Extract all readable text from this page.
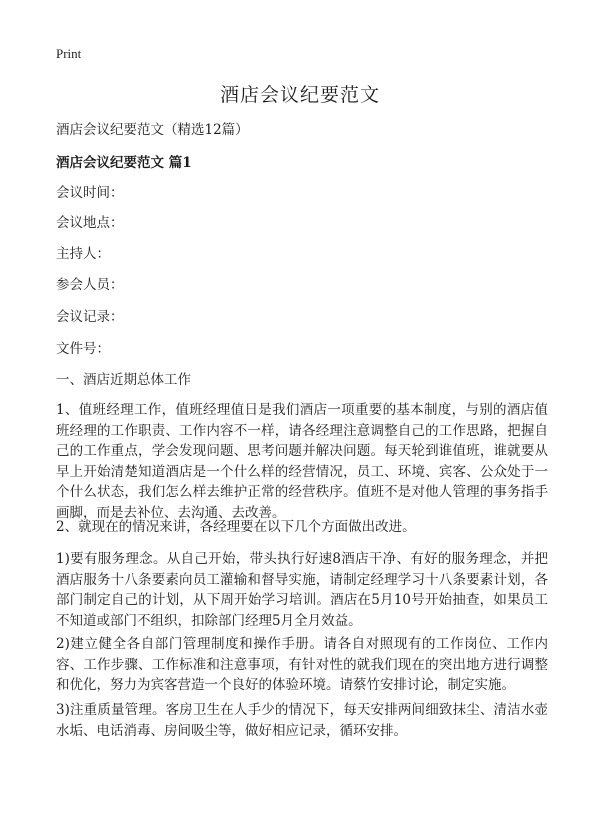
Print
酒店会议纪要范文

酒店会议纪要范文（精选12篇）

酒店会议纪要范文 篇1

会议时间：

会议地点：

主持人：

参会人员：

会议记录：

文件号：

一、酒店近期总体工作

1、值班经理工作，值班经理值日是我们酒店一项重要的基本制度，与别的酒店值班经理的工作职责、工作内容不一样，请各经理注意调整自己的工作思路，把握自己的工作重点，学会发现问题、思考问题并解决问题。每天轮到谁值班，谁就要从早上开始清楚知道酒店是一个什么样的经营情况，员工、环境、宾客、公众处于一个什么状态，我们怎么样去维护正常的经营秩序。值班不是对他人管理的事务指手画脚，而是去补位、去沟通、去改善。

2、就现在的情况来讲，各经理要在以下几个方面做出改进。

1)要有服务理念。从自己开始，带头执行好速8酒店干净、有好的服务理念，并把酒店服务十八条要素向员工灌输和督导实施，请制定经理学习十八条要素计划，各部门制定自己的计划，从下周开始学习培训。酒店在5月10号开始抽查，如果员工不知道或部门不组织，扣除部门经理5月全月效益。

2)建立健全各自部门管理制度和操作手册。请各自对照现有的工作岗位、工作内容、工作步骤、工作标准和注意事项，有针对性的就我们现在的突出地方进行调整和优化，努力为宾客营造一个良好的体验环境。请蔡竹安排讨论，制定实施。

3)注重质量管理。客房卫生在人手少的情况下，每天安排两间细致抹尘、清洁水壶水垢、电话消毒、房间吸尘等，做好相应记录，循环安排。
